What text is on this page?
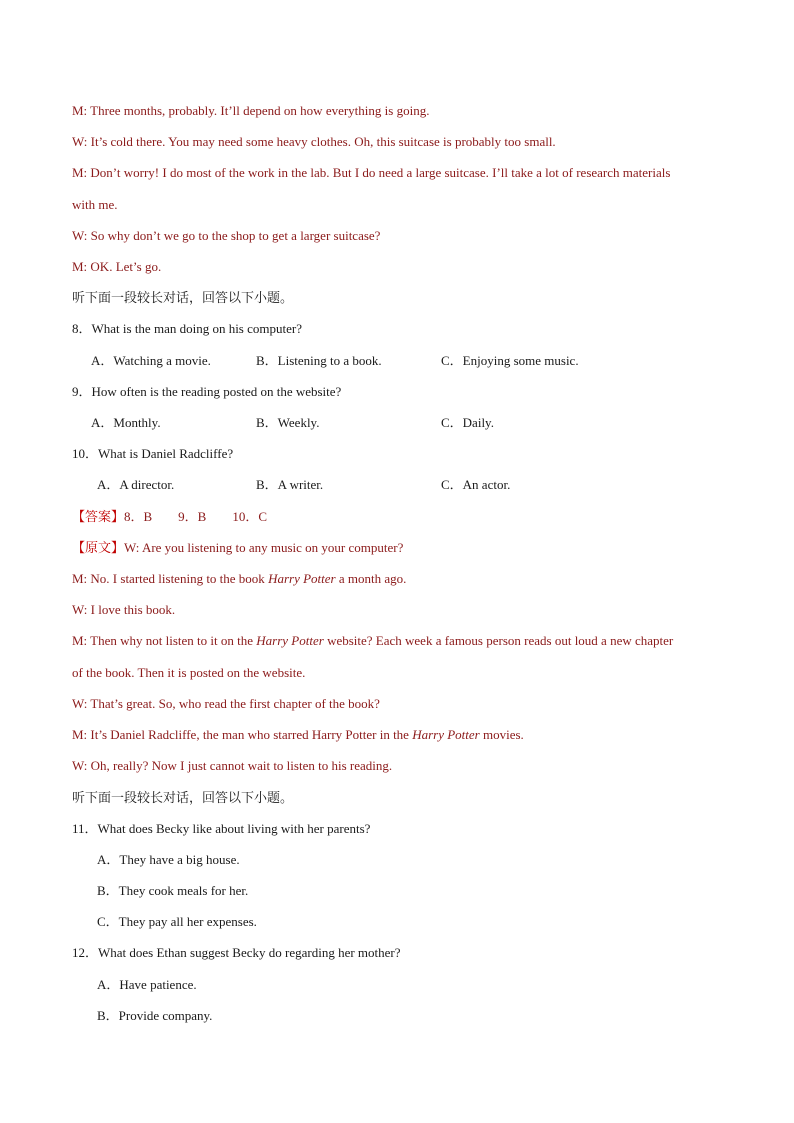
M: Three months, probably. It’ll depend on how everything is going.
W: It’s cold there. You may need some heavy clothes. Oh, this suitcase is probably too small.
M: Don’t worry! I do most of the work in the lab. But I do need a large suitcase. I’ll take a lot of research materials
with me.
W: So why don’t we go to the shop to get a larger suitcase?
M: OK. Let’s go.
听下面一段较长对话，回答以下小题。
8．What is the man doing on his computer?
A．Watching a movie.	B．Listening to a book.	C．Enjoying some music.
9．How often is the reading posted on the website?
A．Monthly.	B．Weekly.	C．Daily.
10．What is Daniel Radcliffe?
A．A director.	B．A writer.	C．An actor.
【答案】8．B　　9．B　　10．C
【原文】W: Are you listening to any music on your computer?
M: No. I started listening to the book Harry Potter a month ago.
W: I love this book.
M: Then why not listen to it on the Harry Potter website? Each week a famous person reads out loud a new chapter
of the book. Then it is posted on the website.
W: That’s great. So, who read the first chapter of the book?
M: It’s Daniel Radcliffe, the man who starred Harry Potter in the Harry Potter movies.
W: Oh, really? Now I just cannot wait to listen to his reading.
听下面一段较长对话，回答以下小题。
11．What does Becky like about living with her parents?
A．They have a big house.
B．They cook meals for her.
C．They pay all her expenses.
12．What does Ethan suggest Becky do regarding her mother?
A．Have patience.
B．Provide company.
